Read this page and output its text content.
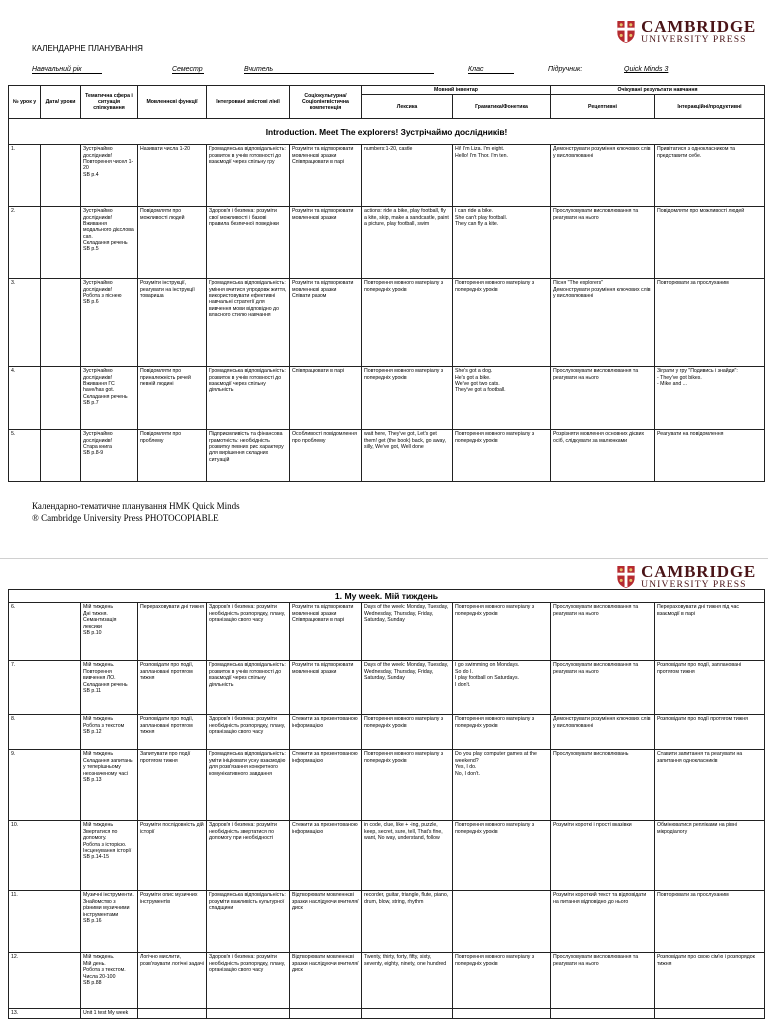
CAMBRIDGE
UNIVERSITY PRESS
КАЛЕНДАРНЕ ПЛАНУВАННЯ
Навчальний рік	Семестр	Вчитель	Клас	Підручник:	Quick Minds 3
№ урок у	Дата/ уроки	Тематична сфера і ситуація спілкування	Мовленнєві функції	Інтегровані змістові лінії	Соціокультурна/ Соціолінгвістична компетенція	Мовний інвентар		Очікувані результати навчання	
						Лексика	Граматика/Фонетика	Рецептивні	Інтеракційні/продуктивні
Introduction. Meet The explorers! Зустрічаймо дослідників!									
1.		Зустрічаймо дослідників!
Повторення чисел 1-20
SB p.4	Називати числа 1-20	Громадянська відповідальність: розвиток в учнів готовності до взаємодії через спільну гру	Розуміти та відтворювати мовленнєві зразки
Співпрацювати в парі	numbers:1-20, castle	Hi! I'm Liza. I'm eight.
Hello! I'm Thor. I'm ten.	Демонструвати розуміння ключових слів у висловлюванні	Привітатися з однокласником та представити себе.
2.		Зустрічаймо дослідників!
Вживання модального дієслова can.
Складання речень
SB p.5	Повідомляти про можливості людей	Здоров'я і безпека: розуміти свої можливості і базові правила безпечної поведінки	Розуміти та відтворювати мовленнєві зразки	actions: ride a bike, play football, fly a kite, skip, make a sandcastle, paint a picture, play football, swim	I can ride a bike.
She can't play football.
They can fly a kite.	Прослуховувати висловлювання та реагувати на нього	Повідомляти про можливості людей
3.		Зустрічаймо дослідників!
Робота з піснею
SB p.6	Розуміти інструкції, реагувати на інструкції товариша	Громадянська відповідальність: уміння вчитися упродовж життя, використовувати ефективні навчальні стратегії для вивчення мови відповідно до власного стилю навчання	Розуміти та відтворювати мовленнєві зразки
Співати разом	Повторення мовного матеріалу з попередніх уроків	Повторення мовного матеріалу з попередніх уроків	Пісня "The explorers"
Демонструвати розуміння ключових слів у висловлюванні	Повторювати за прослуханим
4.		Зустрічаймо дослідників!
Вживання ГС have/has got.
Складання речень
SB p.7	Повідомляти про приналежність речей певній людині	Громадянська відповідальність: розвиток в учнів готовності до взаємодії через спільну діяльність	Співпрацювати в парі	Повторення мовного матеріалу з попередніх уроків	She's got a dog.
He's got a bike.
We've got two cats.
They've got a football.	Прослуховувати висловлювання та реагувати на нього	Зіграти у гру "Подивись і знайди":
- They've got bikes.
- Mike and ...
5.		Зустрічаймо дослідників!
Стара книга
SB p.8-9	Повідомляти про проблему	Підприємливість та фінансова грамотність: необхідність розвитку певних рис характеру для вирішення складних ситуацій	Особливості повідомлення про проблему	wait here, They've got, Let's get them! get (the book) back, go away, silly, We've got, Well done	Повторення мовного матеріалу з попередніх уроків	Розрізняти мовлення основних дієвих осіб, слідкувати за малюнками	Реагувати на повідомлення
Календарно-тематичне планування HMK Quick Minds
® Cambridge University Press PHOTOCOPIABLE
CAMBRIDGE
UNIVERSITY PRESS
1. My week. Мій тиждень								
6.	Мій тиждень
Дні тижня.
Семантизація лексики
SB p.10	Перераховувати дні тижня	Здоров'я і безпека: розуміти необхідність розпорядку, плану, організацію свого часу	Розуміти та відтворювати мовленнєві зразки
Співпрацювати в парі	Days of the week: Monday, Tuesday, Wednesday, Thursday, Friday, Saturday, Sunday	Повторення мовного матеріалу з попередніх уроків	Прослуховувати висловлювання та реагувати на нього	Перераховувати дні тижня під час взаємодії в парі
7.	Мій тиждень.
Повторення вивчення ЛО.
Складання речень
SB p.11	Розповідати про події, заплановані протягом тижня	Громадянська відповідальність: розвиток в учнів готовності до взаємодії через спільну діяльність	Розуміти та відтворювати мовленнєві зразки	Days of the week: Monday, Tuesday, Wednesday, Thursday, Friday, Saturday, Sunday	I go swimming on Mondays.
So do I.
I play football on Saturdays.
I don't.	Прослуховувати висловлювання та реагувати на нього	Розповідати про події, заплановані протягом тижня
8.	Мій тиждень
Робота з текстом
SB p.12	Розповідати про події, заплановані протягом тижня	Здоров'я і безпека: розуміти необхідність розпорядку, плану, організацію свого часу	Стежити за презентованою інформацією	Повторення мовного матеріалу з попередніх уроків	Повторення мовного матеріалу з попередніх уроків	Демонструвати розуміння ключових слів у висловлюванні	Розповідати про події протягом тижня
9.	Мій тиждень
Складання запитань у теперішньому неозначеному часі
SB p.13	Запитувати про події протягом тижня	Громадянська відповідальність: уміти ініціювати усну взаємодію для розв'язання конкретного комунікативного завдання	Стежити за презентованою інформацією	Повторення мовного матеріалу з попередніх уроків	Do you play computer games at the weekend?
Yes, I do.
No, I don't.	Прослуховувати висловлювань	Ставити запитання та реагувати на запитання однокласників
10.	Мій тиждень
Звертатися по допомогу.
Робота з історією.
Інсценування історії
SB p.14-15	Розуміти послідовність дій історії	Здоров'я і безпека: розуміти необхідність звертатися по допомогу при необхідності	Стежити за презентованою інформацією	in code, clue, like + -ing, puzzle, keep, secret, sure, tell, That's fine, want, No way, understand, follow	Повторення мовного матеріалу з попередніх уроків	Розуміти короткі і прості вказівки	Обмінюватися репліками на рівні мікродіалогу
11.	Музичні інструменти.
Знайомство з різними музичними інструментами
SB p.16	Розуміти опис музичних інструментів	Громадянська відповідальність: розуміти важливість культурної спадщини	Відтворювати мовленнєві зразки наслідуючи вчителя/диск	recorder, guitar, triangle, flute, piano, drum, blow, string, rhythm		Розуміти короткий текст та відповідати на питання відповідно до нього	Повторювати за прослуханим
12.	Мій тиждень.
Мій день.
Робота з текстом. Числа 20-100
SB p.88	Логічно мислити, розв'язувати логічні задачі	Здоров'я і безпека: розуміти необхідність розпорядку, плану, організацію свого часу	Відтворювати мовленнєві зразки наслідуючи вчителя/диск	Twenty, thirty, forty, fifty, sixty, seventy, eighty, ninety, one hundred	Повторення мовного матеріалу з попередніх уроків	Прослуховувати висловлювання та реагувати на нього	Розповідати про свою сім'ю і розпорядок тижня
13.	Unit 1 test My week							
